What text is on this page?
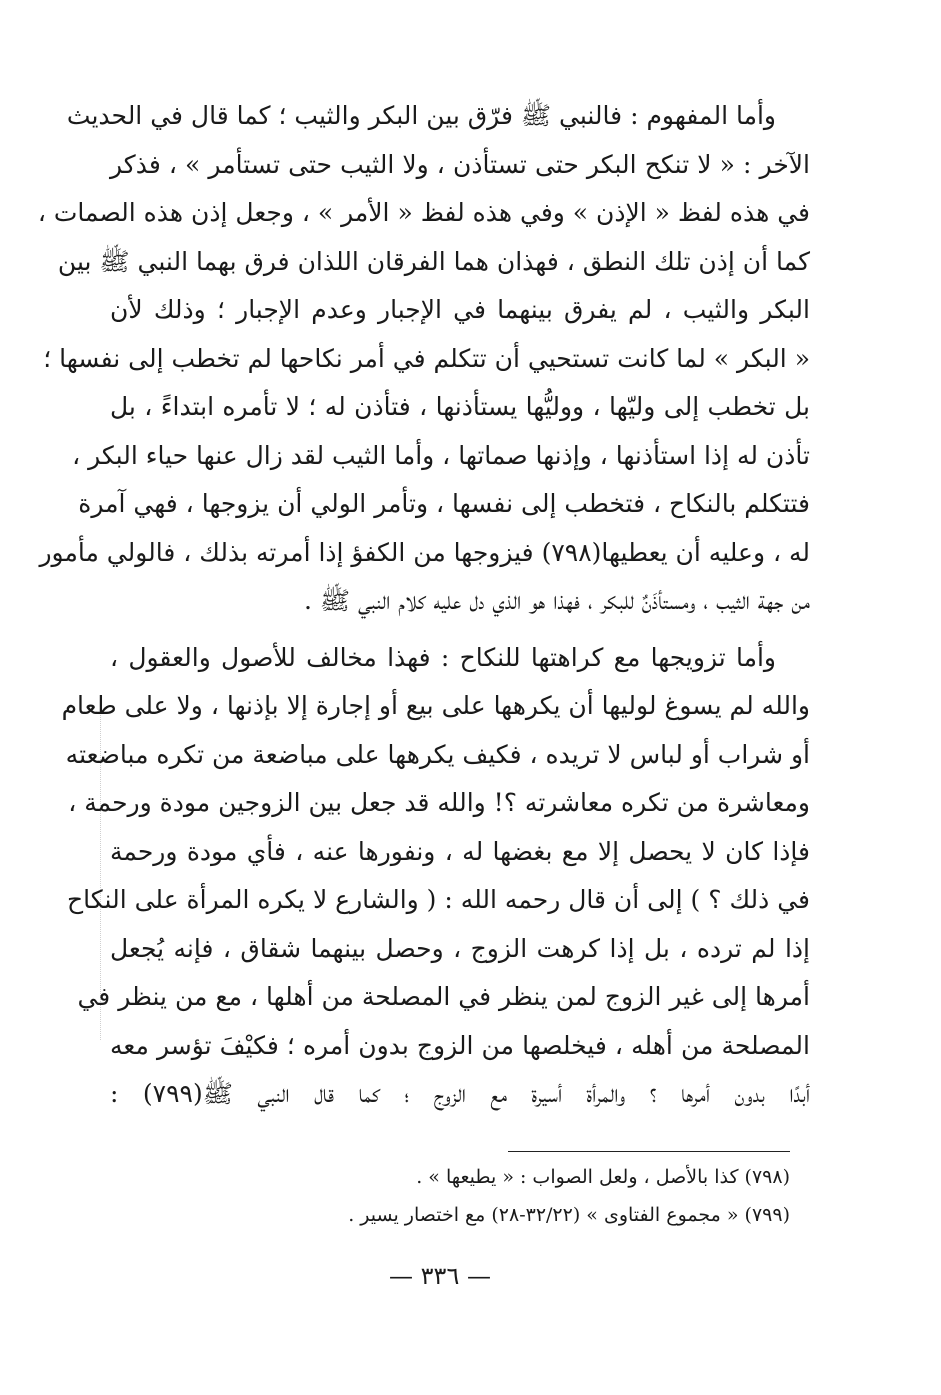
وأما المفهوم : فالنبي ﷺ فرّق بين البكر والثيب ؛ كما قال في الحديث
الآخر : « لا تنكح البكر حتى تستأذن ، ولا الثيب حتى تستأمر » ، فذكر
في هذه لفظ « الإذن » وفي هذه لفظ « الأمر » ، وجعل إذن هذه الصمات ،
كما أن إذن تلك النطق ، فهذان هما الفرقان اللذان فرق بهما النبي ﷺ بين
البكر والثيب ، لم يفرق بينهما في الإجبار وعدم الإجبار ؛ وذلك لأن
« البكر » لما كانت تستحيي أن تتكلم في أمر نكاحها لم تخطب إلى نفسها ؛
بل تخطب إلى وليّها ، ووليُّها يستأذنها ، فتأذن له ؛ لا تأمره ابتداءً ، بل
تأذن له إذا استأذنها ، وإذنها صماتها ، وأما الثيب لقد زال عنها حياء البكر ،
فتتكلم بالنكاح ، فتخطب إلى نفسها ، وتأمر الولي أن يزوجها ، فهي آمرة
له ، وعليه أن يعطيها(٧٩٨) فيزوجها من الكفؤ إذا أمرته بذلك ، فالولي مأمور
من جهة الثيب ، ومستأذَنٌ للبكر ، فهذا هو الذي دل عليه كلام النبي ﷺ .
وأما تزويجها مع كراهتها للنكاح : فهذا مخالف للأصول والعقول ،
والله لم يسوغ لوليها أن يكرهها على بيع أو إجارة إلا بإذنها ، ولا على طعام
أو شراب أو لباس لا تريده ، فكيف يكرهها على مباضعة من تكره مباضعته
ومعاشرة من تكره معاشرته ؟! والله قد جعل بين الزوجين مودة ورحمة ،
فإذا كان لا يحصل إلا مع بغضها له ، ونفورها عنه ، فأي مودة ورحمة
في ذلك ؟ ) إلى أن قال رحمه الله : ( والشارع لا يكره المرأة على النكاح
إذا لم ترده ، بل إذا كرهت الزوج ، وحصل بينهما شقاق ، فإنه يُجعل
أمرها إلى غير الزوج لمن ينظر في المصلحة من أهلها ، مع من ينظر في
المصلحة من أهله ، فيخلصها من الزوج بدون أمره ؛ فكيْفَ تؤسر معه
أبدًا بدون أمرها ؟ والمرأة أسيرة مع الزوج ؛ كما قال النبي ﷺ(٧٩٩) :
(٧٩٨) كذا بالأصل ، ولعل الصواب : « يطيعها » .
(٧٩٩) « مجموع الفتاوى » (٣٢/٢٢-٢٨) مع اختصار يسير .
— ٣٣٦ —
